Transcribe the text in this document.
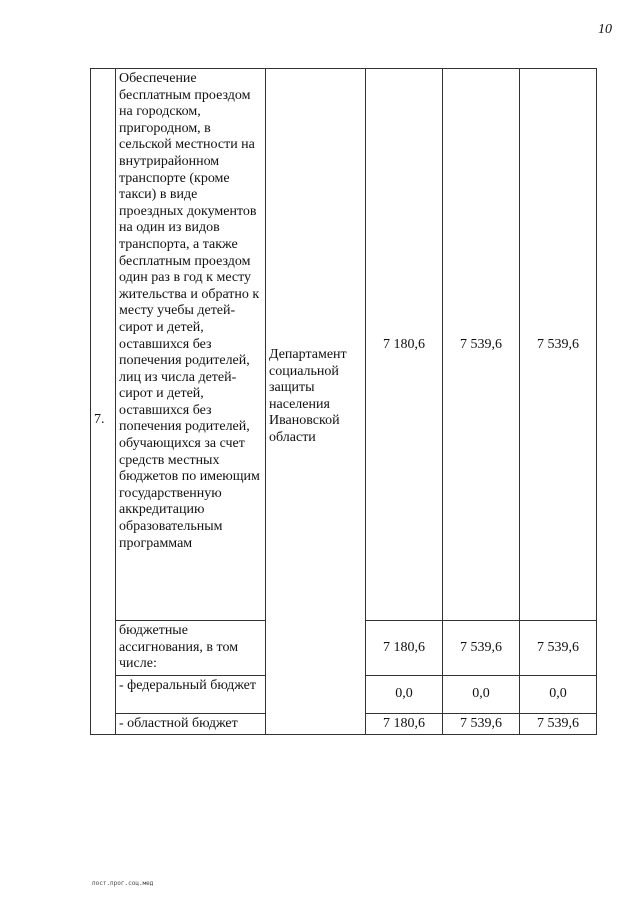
10
7.	Обеспечение бесплатным проездом на городском, пригородном, в сельской местности на внутрирайонном транспорте (кроме такси) в виде проездных документов на один из видов транспорта, а также бесплатным проездом один раз в год к месту жительства и обратно к месту учебы детей-сирот и детей, оставшихся без попечения родителей, лиц из числа детей-сирот и детей, оставшихся без попечения родителей, обучающихся за счет средств местных бюджетов по имеющим государственную аккредитацию образовательным программам	Департамент социальной защиты населения Ивановской области	7 180,6	7 539,6	7 539,6
	бюджетные ассигнования, в том числе:		7 180,6	7 539,6	7 539,6
	- федеральный бюджет		0,0	0,0	0,0
	- областной бюджет		7 180,6	7 539,6	7 539,6
пост.прог.соц.мед
